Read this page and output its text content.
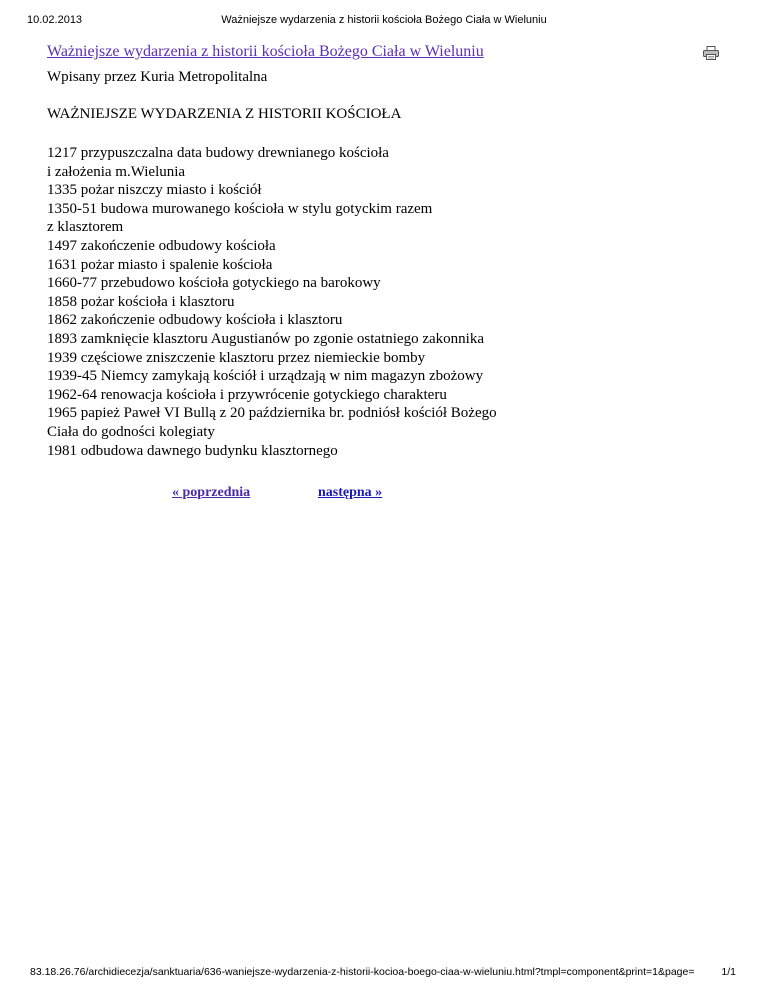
10.02.2013	Ważniejsze wydarzenia z historii kościoła Bożego Ciała w Wieluniu
Ważniejsze wydarzenia z historii kościoła Bożego Ciała w Wieluniu
Wpisany przez Kuria Metropolitalna
WAŻNIEJSZE WYDARZENIA Z HISTORII KOŚCIOŁA
1217 przypuszczalna data budowy drewnianego kościoła
i założenia m.Wielunia
1335 pożar niszczy miasto i kościół
1350-51 budowa murowanego kościoła w stylu gotyckim razem
z klasztorem
1497 zakończenie odbudowy kościoła
1631 pożar miasto i spalenie kościoła
1660-77 przebudowo kościoła gotyckiego na barokowy
1858 pożar kościoła i klasztoru
1862 zakończenie odbudowy kościoła i klasztoru
1893 zamknięcie klasztoru Augustianów po zgonie ostatniego zakonnika
1939 częściowe zniszczenie klasztoru przez niemieckie bomby
1939-45 Niemcy zamykają kościół i urządzają w nim magazyn zbożowy
1962-64 renowacja kościoła i przywrócenie gotyckiego charakteru
1965 papież Paweł VI Bullą z 20 października br. podniósł kościół Bożego
Ciała do godności kolegiaty
1981 odbudowa dawnego budynku klasztornego
« poprzednia	następna »
83.18.26.76/archidiecezja/sanktuaria/636-waniejsze-wydarzenia-z-historii-kocioa-boego-ciaa-w-wieluniu.html?tmpl=component&print=1&page=	1/1
